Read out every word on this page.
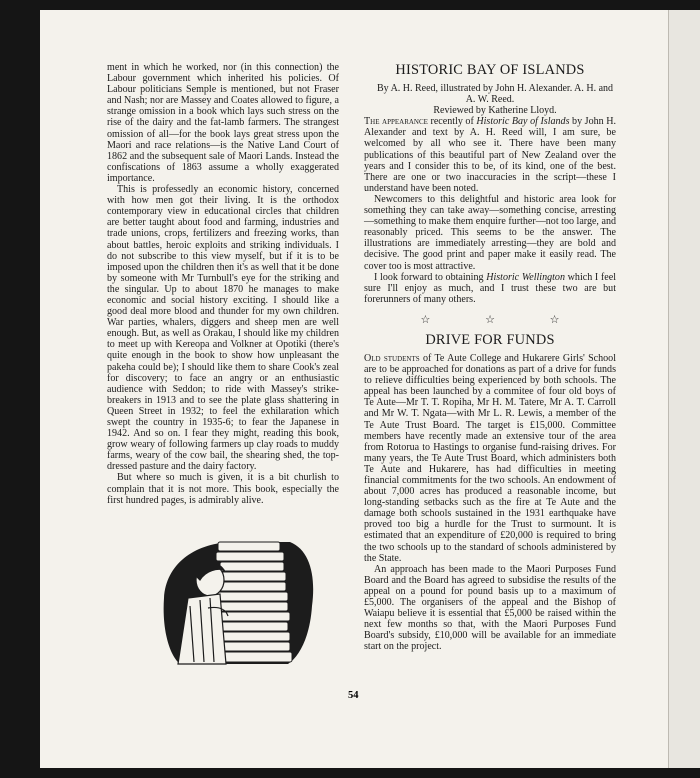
ment in which he worked, nor (in this connection) the Labour government which inherited his policies. Of Labour politicians Semple is mentioned, but not Fraser and Nash; nor are Massey and Coates allowed to figure, a strange omission in a book which lays such stress on the rise of the dairy and the fat-lamb farmers. The strangest omission of all—for the book lays great stress upon the Maori and race relations—is the Native Land Court of 1862 and the subsequent sale of Maori Lands. Instead the confiscations of 1863 assume a wholly exaggerated importance.

This is professedly an economic history, concerned with how men got their living. It is the orthodox contemporary view in educational circles that children are better taught about food and farming, industries and trade unions, crops, fertilizers and freezing works, than about battles, heroic exploits and striking individuals. I do not subscribe to this view myself, but if it is to be imposed upon the children then it's as well that it be done by someone with Mr Turnbull's eye for the striking and the singular. Up to about 1870 he manages to make economic and social history exciting. I should like a good deal more blood and thunder for my own children. War parties, whalers, diggers and sheep men are well enough. But, as well as Orakau, I should like my children to meet up with Kereopa and Volkner at Opotiki (there's quite enough in the book to show how unpleasant the pakeha could be); I should like them to share Cook's zeal for discovery; to face an angry or an enthusiastic audience with Seddon; to ride with Massey's strike-breakers in 1913 and to see the plate glass shattering in Queen Street in 1932; to feel the exhilaration which swept the country in 1935-6; to fear the Japanese in 1942. And so on. I fear they might, reading this book, grow weary of following farmers up clay roads to muddy farms, weary of the cow bail, the shearing shed, the top-dressed pasture and the dairy factory.

But where so much is given, it is a bit churlish to complain that it is not more. This book, especially the first hundred pages, is admirably alive.

HISTORIC BAY OF ISLANDS

By A. H. Reed, illustrated by John H. Alexander. A. H. and A. W. Reed.

Reviewed by Katherine Lloyd.

The appearance recently of Historic Bay of Islands by John H. Alexander and text by A. H. Reed will, I am sure, be welcomed by all who see it. There have been many publications of this beautiful part of New Zealand over the years and I consider this to be, of its kind, one of the best. There are one or two inaccuracies in the script—these I understand have been noted.

Newcomers to this delightful and historic area look for something they can take away—something concise, arresting—something to make them enquire further—not too large, and reasonably priced. This seems to be the answer. The illustrations are immediately arresting—they are bold and decisive. The good print and paper make it easily read. The cover too is most attractive.

I look forward to obtaining Historic Wellington which I feel sure I'll enjoy as much, and I trust these two are but forerunners of many others.

☆ ☆ ☆
DRIVE FOR FUNDS

Old students of Te Aute College and Hukarere Girls' School are to be approached for donations as part of a drive for funds to relieve difficulties being experienced by both schools. The appeal has been launched by a commitee of four old boys of Te Aute—Mr T. T. Ropiha, Mr H. M. Tatere, Mr A. T. Carroll and Mr W. T. Ngata—with Mr L. R. Lewis, a member of the Te Aute Trust Board. The target is £15,000. Committee members have recently made an extensive tour of the area from Rotorua to Hastings to organise fund-raising drives. For many years, the Te Aute Trust Board, which administers both Te Aute and Hukarere, has had difficulties in meeting financial commitments for the two schools. An endowment of about 7,000 acres has produced a reasonable income, but long-standing setbacks such as the fire at Te Aute and the damage both schools sustained in the 1931 earthquake have proved too big a hurdle for the Trust to surmount. It is estimated that an expenditure of £20,000 is required to bring the two schools up to the standard of schools administered by the State.

An approach has been made to the Maori Purposes Fund Board and the Board has agreed to subsidise the results of the appeal on a pound for pound basis up to a maximum of £5,000. The organisers of the appeal and the Bishop of Waiapu believe it is essential that £5,000 be raised within the next few months so that, with the Maori Purposes Fund Board's subsidy, £10,000 will be available for an immediate start on the project.

54
